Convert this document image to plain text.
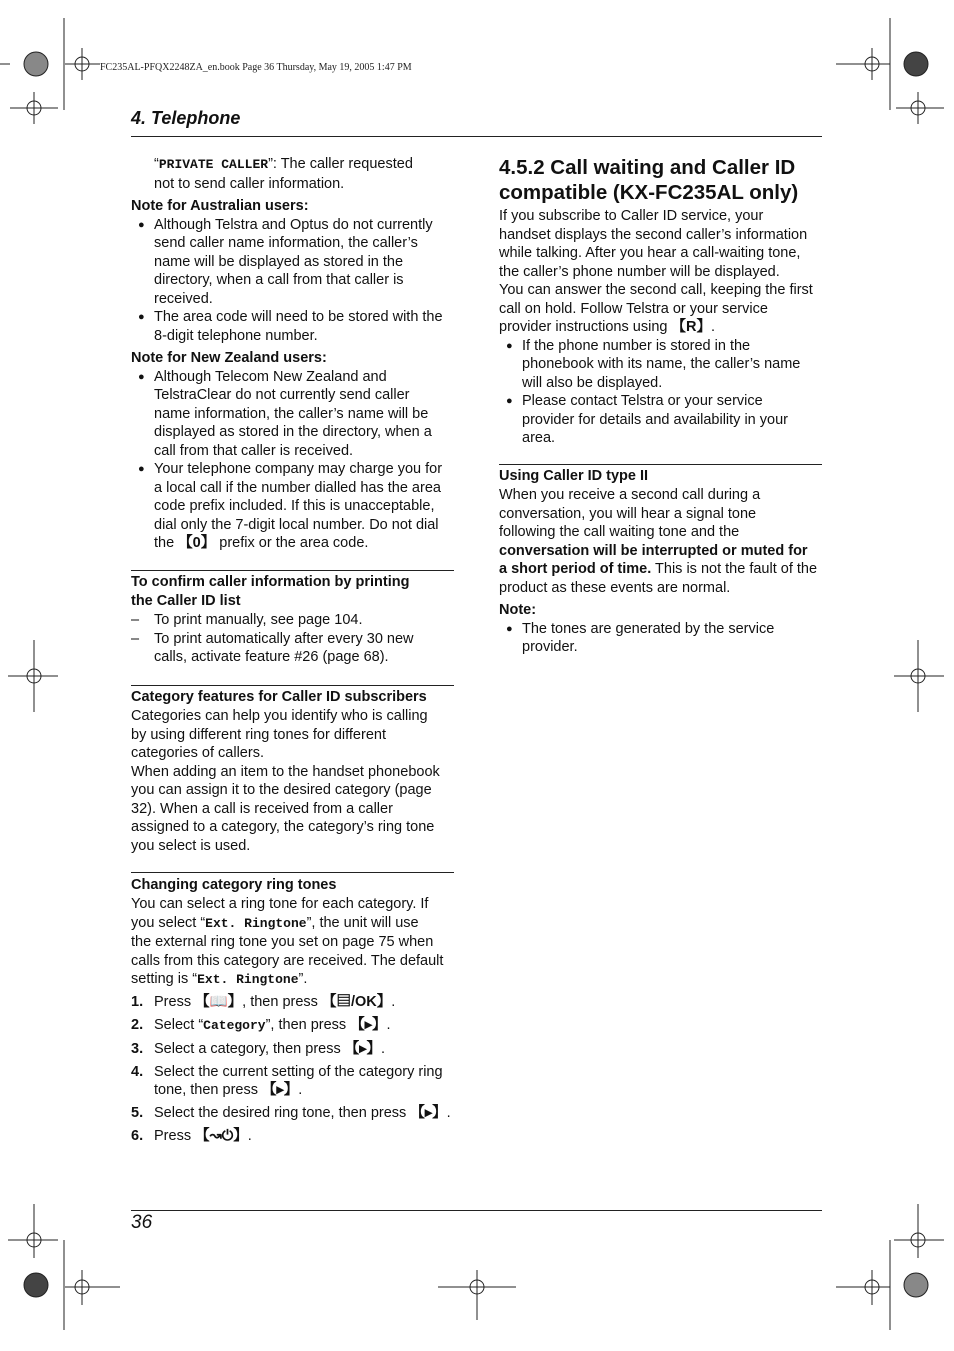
FC235AL-PFQX2248ZA_en.book Page 36 Thursday, May 19, 2005 1:47 PM
4. Telephone

“PRIVATE CALLER”: The caller requested
not to send caller information.

Note for Australian users:

● Although Telstra and Optus do not currently
send caller name information, the caller’s
name will be displayed as stored in the
directory, when a call from that caller is
received.
● The area code will need to be stored with the
8-digit telephone number.

Note for New Zealand users:

● Although Telecom New Zealand and
TelstraClear do not currently send caller
name information, the caller’s name will be
displayed as stored in the directory, when a
call from that caller is received.
● Your telephone company may charge you for
a local call if the number dialled has the area
code prefix included. If this is unacceptable,
dial only the 7-digit local number. Do not dial
the 【0】 prefix or the area code.

To confirm caller information by printing
the Caller ID list

– To print manually, see page 104.
– To print automatically after every 30 new
calls, activate feature #26 (page 68).

Category features for Caller ID subscribers

Categories can help you identify who is calling
by using different ring tones for different
categories of callers.
When adding an item to the handset phonebook
you can assign it to the desired category (page
32). When a call is received from a caller
assigned to a category, the category’s ring tone
you select is used.

Changing category ring tones

You can select a ring tone for each category. If
you select “Ext. Ringtone”, the unit will use
the external ring tone you set on page 75 when
calls from this category are received. The default
setting is “Ext. Ringtone”.

1. Press 【📖】, then press 【▤/OK】.
2. Select “Category”, then press 【▸】.
3. Select a category, then press 【▸】.
4. Select the current setting of the category ring
tone, then press 【▸】.
5. Select the desired ring tone, then press 【▸】.
6. Press 【↝⏻】.

4.5.2 Call waiting and Caller ID
compatible (KX-FC235AL only)

If you subscribe to Caller ID service, your
handset displays the second caller’s information
while talking. After you hear a call-waiting tone,
the caller’s phone number will be displayed.
You can answer the second call, keeping the first
call on hold. Follow Telstra or your service
provider instructions using 【R】.

● If the phone number is stored in the
phonebook with its name, the caller’s name
will also be displayed.
● Please contact Telstra or your service
provider for details and availability in your
area.

Using Caller ID type II

When you receive a second call during a
conversation, you will hear a signal tone
following the call waiting tone and the
conversation will be interrupted or muted for
a short period of time. This is not the fault of the
product as these events are normal.

Note:

● The tones are generated by the service
provider.
36
